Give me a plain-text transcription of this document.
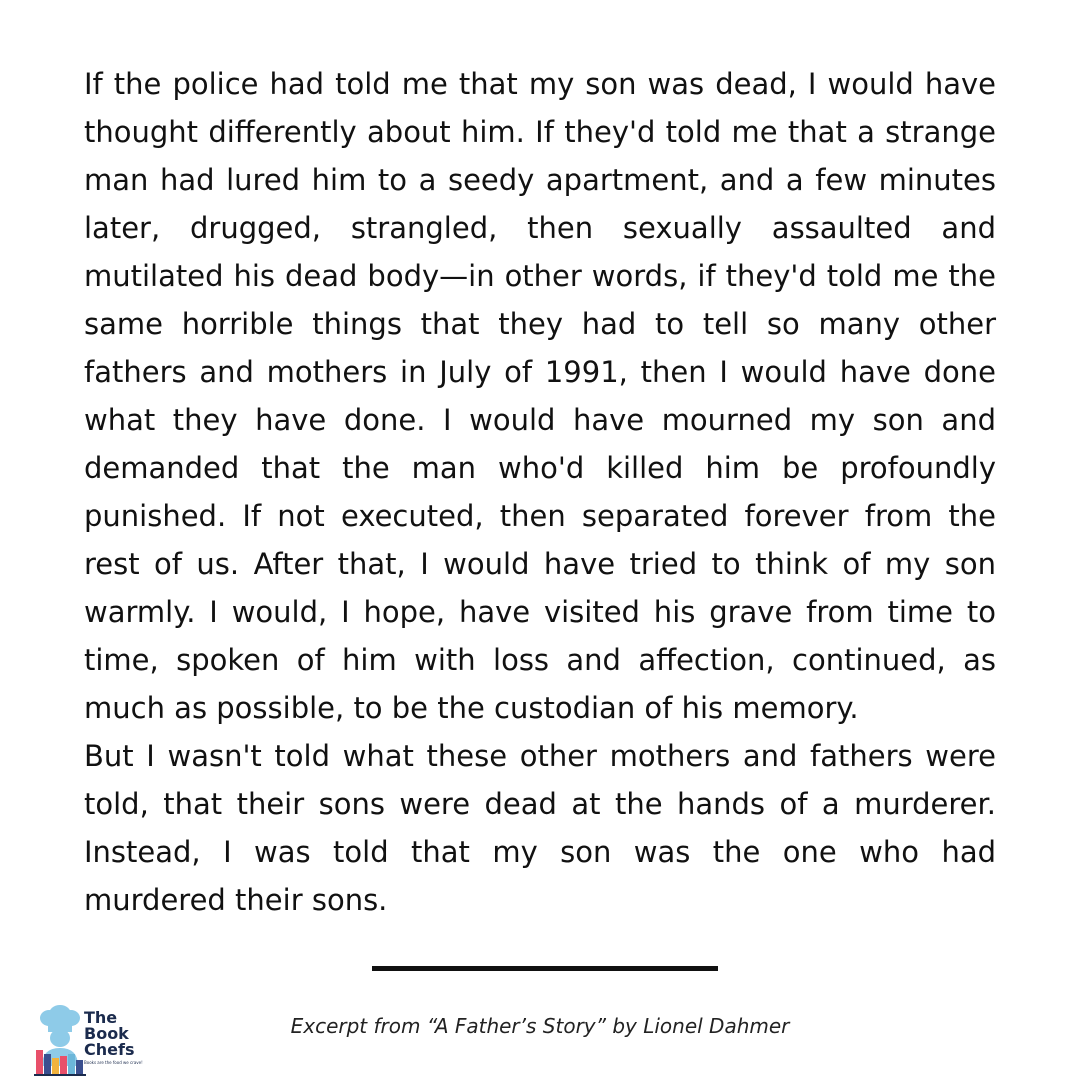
If the police had told me that my son was dead, I would have thought differently about him. If they'd told me that a strange man had lured him to a seedy apartment, and a few minutes later, drugged, strangled, then sexually assaulted and mutilated his dead body—in other words, if they'd told me the same horrible things that they had to tell so many other fathers and mothers in July of 1991, then I would have done what they have done. I would have mourned my son and demanded that the man who'd killed him be profoundly punished. If not executed, then separated forever from the rest of us. After that, I would have tried to think of my son warmly. I would, I hope, have visited his grave from time to time, spoken of him with loss and affection, continued, as much as possible, to be the custodian of his memory.

But I wasn't told what these other mothers and fathers were told, that their sons were dead at the hands of a murderer. Instead, I was told that my son was the one who had murdered their sons.

Excerpt from “A Father’s Story” by Lionel Dahmer
The
Book
Chefs
Books are the food we crave!
